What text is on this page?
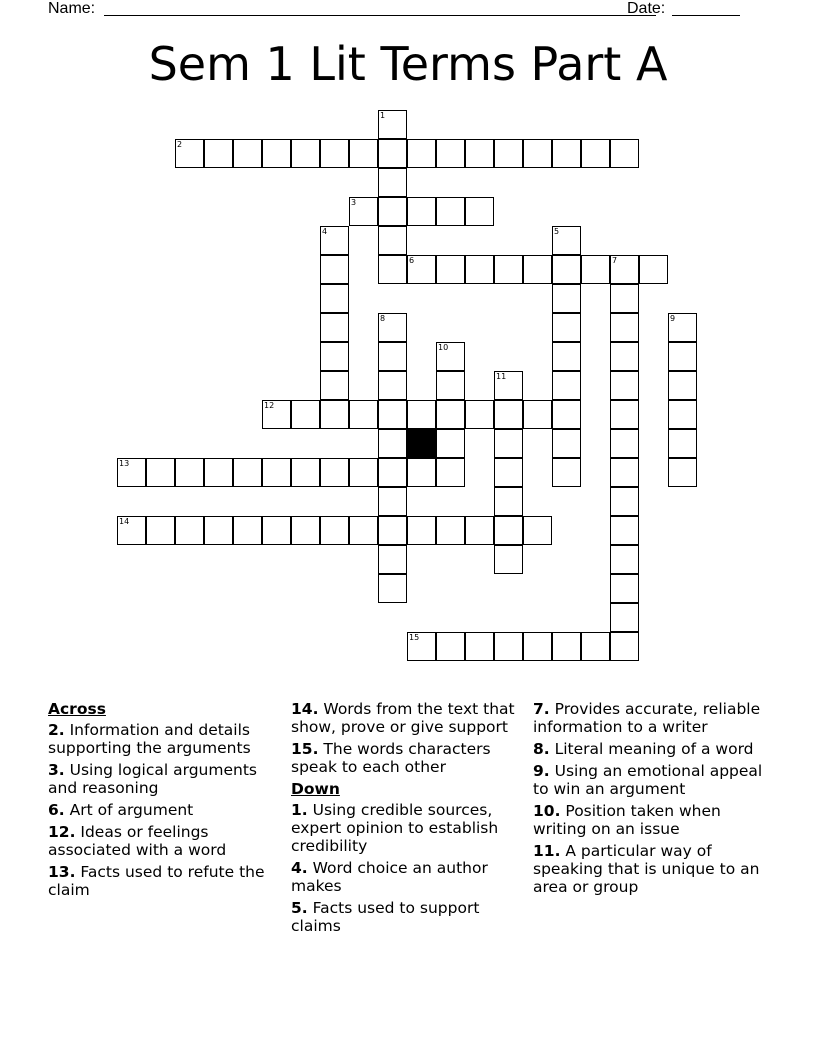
Name:	Date:
Sem 1 Lit Terms Part A
1
2
3
4	5
6	7
8	9
10
11
12
13
14
15
Across
2. Information and details supporting the arguments
3. Using logical arguments and reasoning
6. Art of argument
12. Ideas or feelings associated with a word
13. Facts used to refute the claim
14. Words from the text that show, prove or give support
15. The words characters speak to each other
Down
1. Using credible sources, expert opinion to establish credibility
4. Word choice an author makes
5. Facts used to support claims
7. Provides accurate, reliable information to a writer
8. Literal meaning of a word
9. Using an emotional appeal to win an argument
10. Position taken when writing on an issue
11. A particular way of speaking that is unique to an area or group
